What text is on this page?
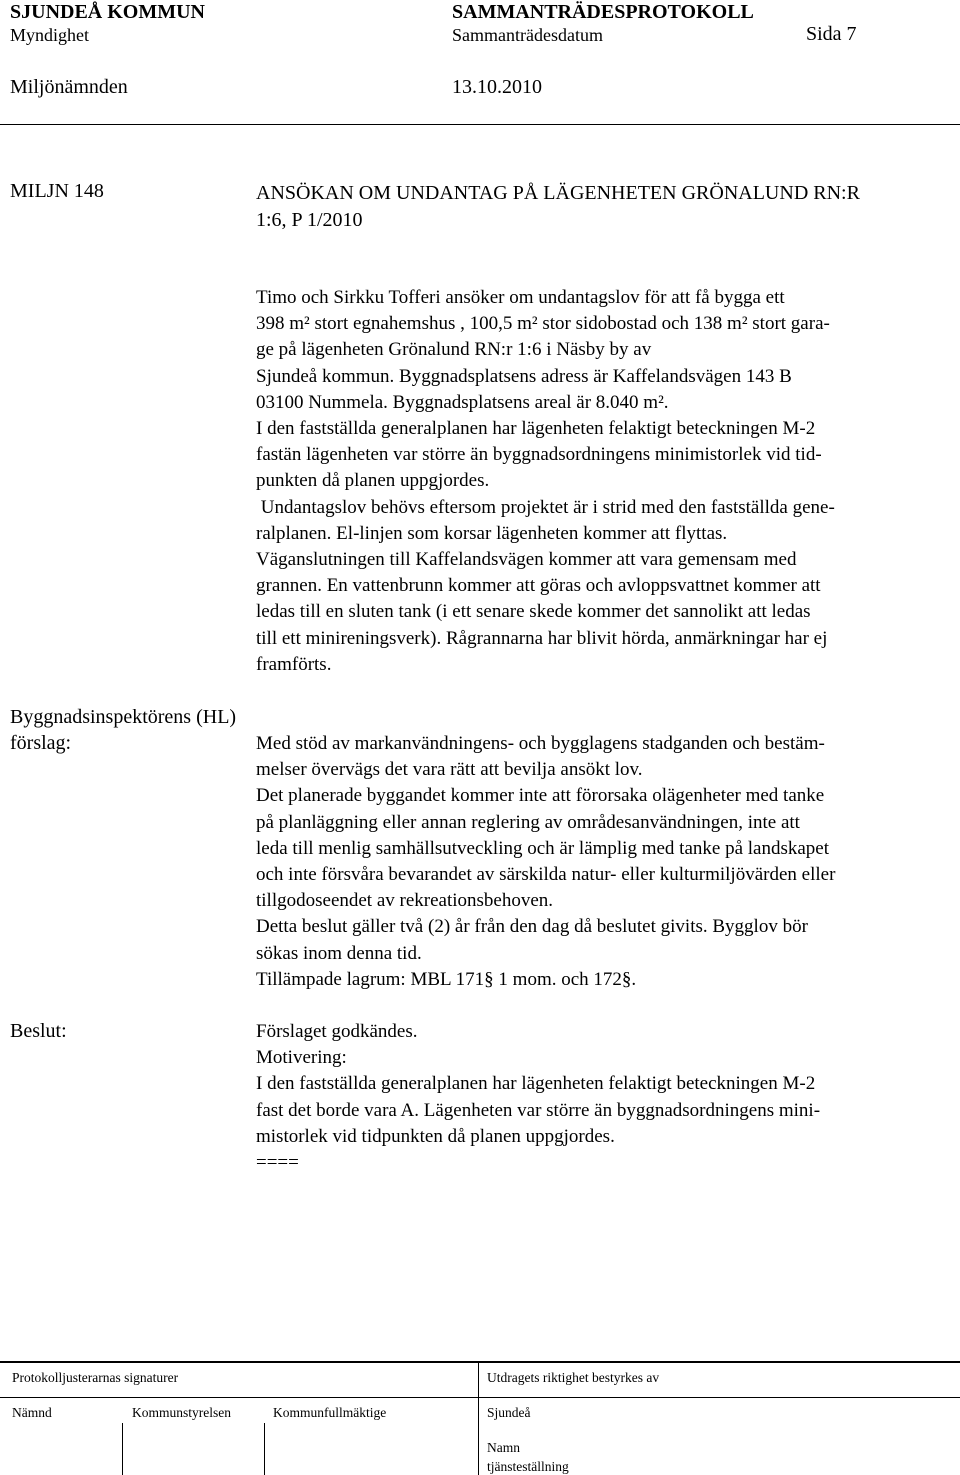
SJUNDEÅ KOMMUN	SAMMANTRÄDESPROTOKOLL
Myndighet	Sammanträdesdatum	Sida 7
Miljönämnden	13.10.2010
MILJN 148	ANSÖKAN OM UNDANTAG PÅ LÄGENHETEN GRÖNALUND RN:R
1:6, P 1/2010
Timo och Sirkku Tofferi ansöker om undantagslov för att få bygga ett
398 m² stort egnahemshus , 100,5 m² stor sidobostad och 138 m² stort gara-
ge på lägenheten Grönalund RN:r 1:6 i Näsby by av
Sjundeå kommun. Byggnadsplatsens adress är Kaffelandsvägen 143 B
03100 Nummela. Byggnadsplatsens areal är 8.040 m².
I den fastställda generalplanen har lägenheten felaktigt beteckningen M-2
fastän lägenheten var större än byggnadsordningens minimistorlek vid tid-
punkten då planen uppgjordes.
Undantagslov behövs eftersom projektet är i strid med den fastställda gene-
ralplanen. El-linjen som korsar lägenheten kommer att flyttas.
Väganslutningen till Kaffelandsvägen kommer att vara gemensam med
grannen. En vattenbrunn kommer att göras och avloppsvattnet kommer att
ledas till en sluten tank (i ett senare skede kommer det sannolikt att ledas
till ett minireningsverk). Rågrannarna har blivit hörda, anmärkningar har ej
framförts.
Byggnadsinspektörens (HL)
förslag:	Med stöd av markanvändningens- och bygglagens stadganden och bestäm-
melser övervägs det vara rätt att bevilja ansökt lov.
Det planerade byggandet kommer inte att förorsaka olägenheter med tanke
på planläggning eller annan reglering av områdesanvändningen, inte att
leda till menlig samhällsutveckling och är lämplig med tanke på landskapet
och inte försvåra bevarandet av särskilda natur- eller kulturmiljövärden eller
tillgodoseendet av rekreationsbehoven.
Detta beslut gäller två (2) år från den dag då beslutet givits. Bygglov bör
sökas inom denna tid.
Tillämpade lagrum: MBL 171§ 1 mom. och 172§.
Beslut:	Förslaget godkändes.
Motivering:
I den fastställda generalplanen har lägenheten felaktigt beteckningen M-2
fast det borde vara A. Lägenheten var större än byggnadsordningens mini-
mistorlek vid tidpunkten då planen uppgjordes.
====
Protokolljusterarnas signaturer	Utdragets riktighet bestyrkes av
Nämnd	Kommunstyrelsen	Kommunfullmäktige	Sjundeå
Namn
tjänsteställning
